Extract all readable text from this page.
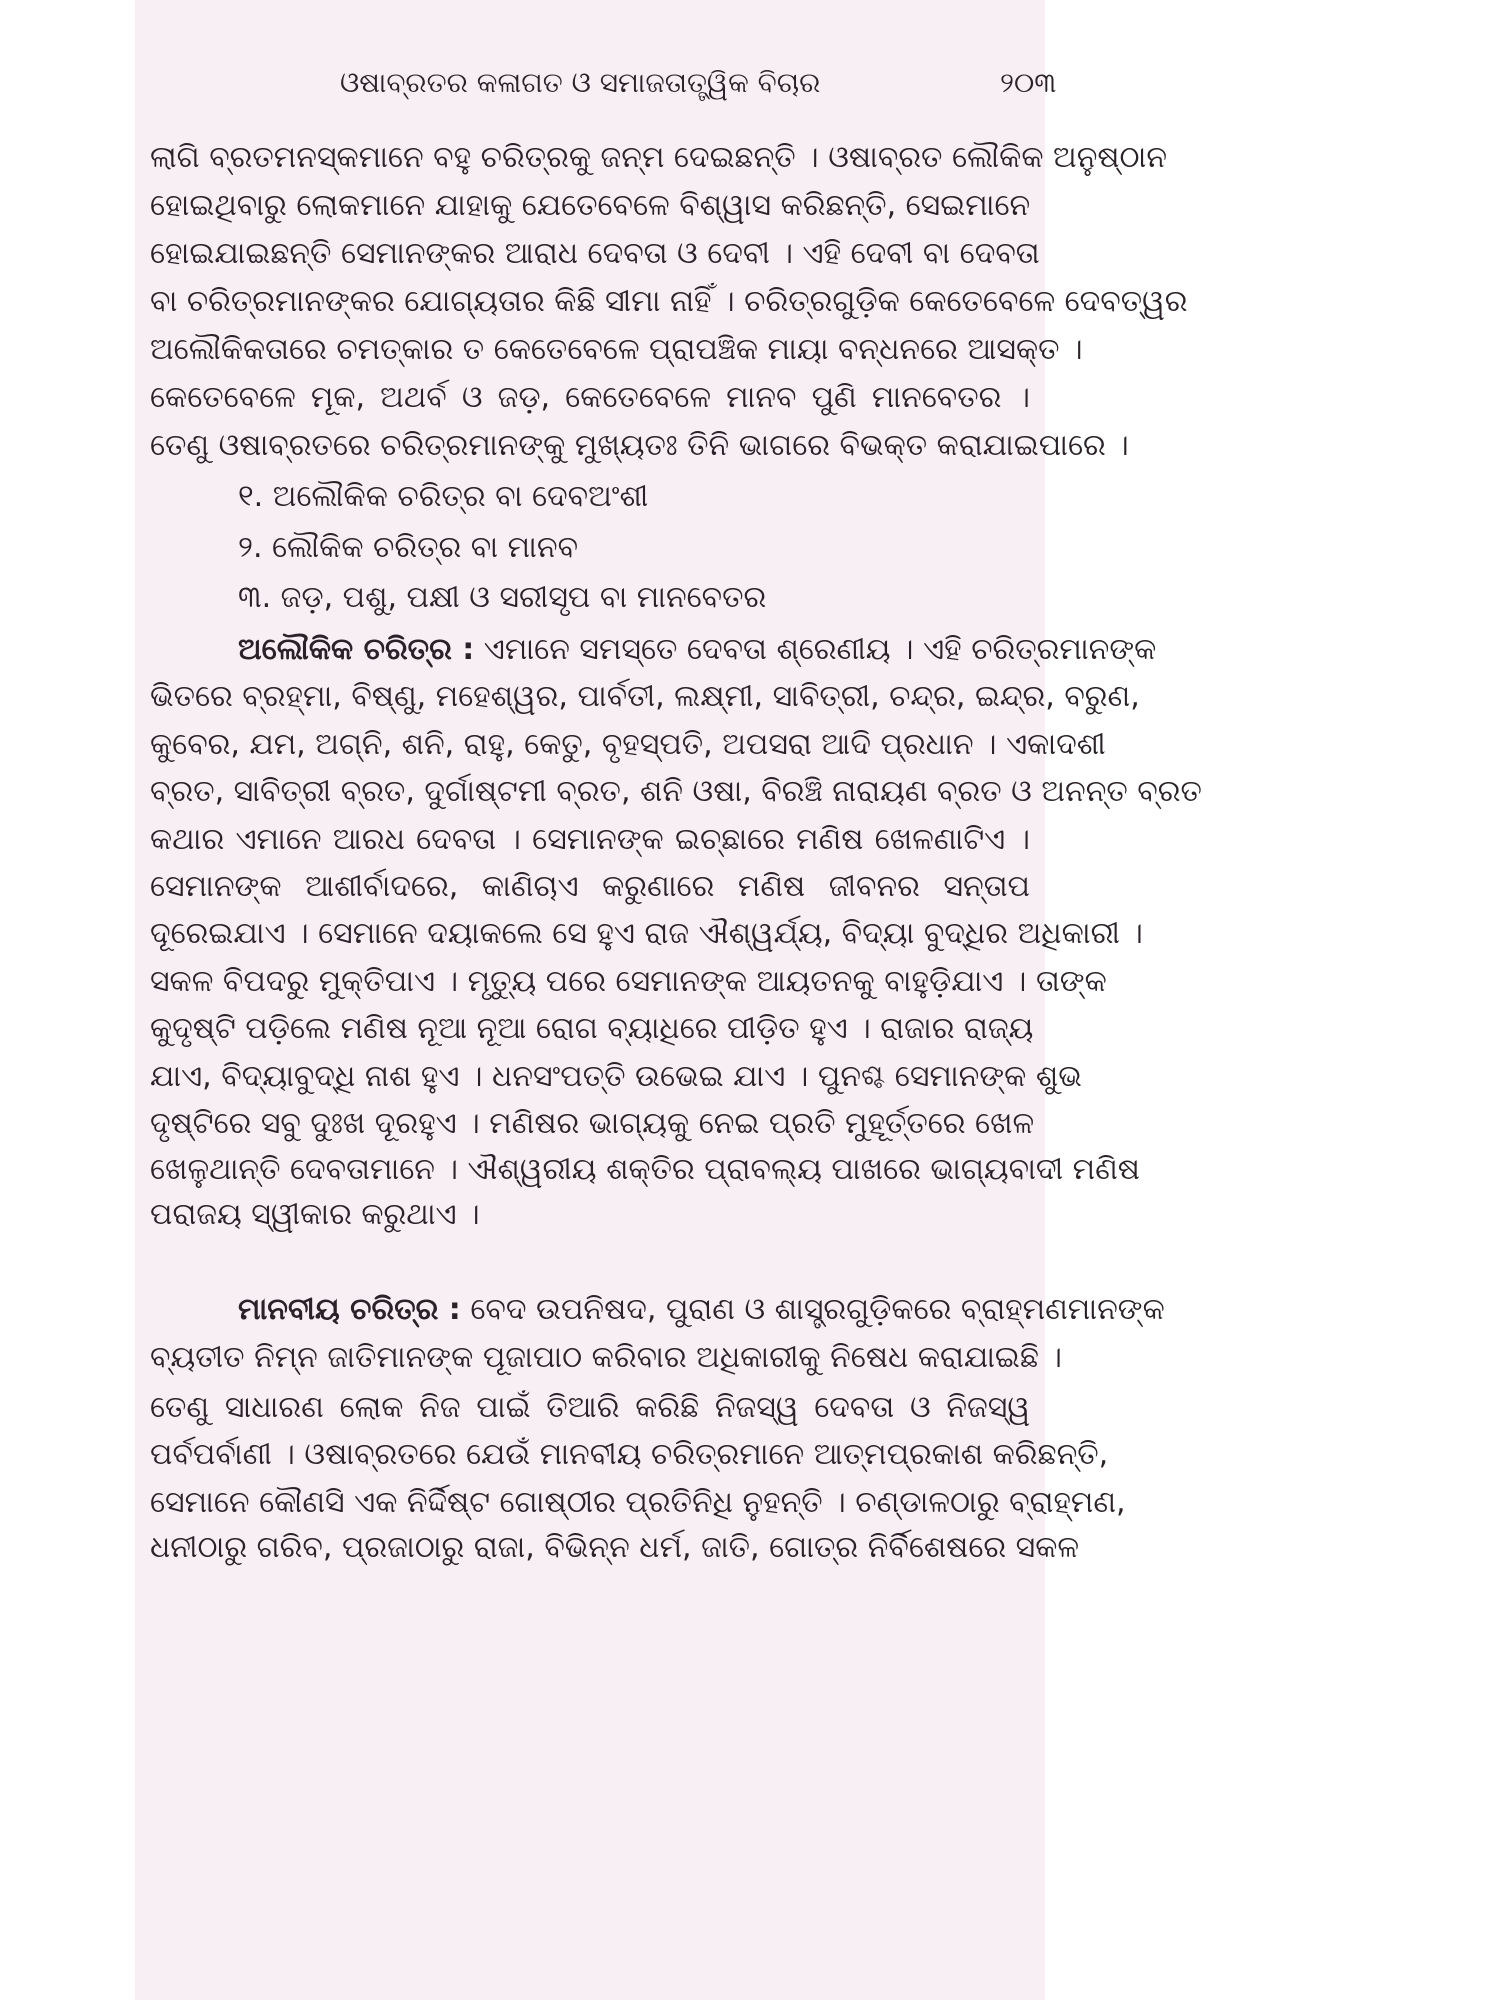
ଓଷାବ୍ରତର କଳାଗତ ଓ ସମାଜତାତ୍ତ୍ୱିକ ବିଚାର	୨୦୩
ଲାଗି ବ୍ରତମନସ୍କମାନେ ବହୁ ଚରିତ୍ରକୁ ଜନ୍ମ ଦେଇଛନ୍ତି । ଓଷାବ୍ରତ ଲୌକିକ ଅନୁଷ୍ଠାନ
ହୋଇଥିବାରୁ ଲୋକମାନେ ଯାହାକୁ ଯେତେବେଳେ ବିଶ୍ୱାସ କରିଛନ୍ତି, ସେଇମାନେ
ହୋଇଯାଇଛନ୍ତି ସେମାନଙ୍କର ଆରାଧ ଦେବତା ଓ ଦେବୀ । ଏହି ଦେବୀ ବା ଦେବତା
ବା ଚରିତ୍ରମାନଙ୍କର ଯୋଗ୍ୟତାର କିଛି ସୀମା ନାହିଁ । ଚରିତ୍ରଗୁଡ଼ିକ କେତେବେଳେ ଦେବତ୍ୱର
ଅଲୌକିକତାରେ ଚମତ୍କାର ତ କେତେବେଳେ ପ୍ରାପଞ୍ଚିକ ମାୟା ବନ୍ଧନରେ ଆସକ୍ତ ।
କେତେବେଳେ ମୂକ, ଅଥର୍ବ ଓ ଜଡ଼, କେତେବେଳେ ମାନବ ପୁଣି ମାନବେତର ।
ତେଣୁ ଓଷାବ୍ରତରେ ଚରିତ୍ରମାନଙ୍କୁ ମୁଖ୍ୟତଃ ତିନି ଭାଗରେ ବିଭକ୍ତ କରାଯାଇପାରେ ।
୧. ଅଲୌକିକ ଚରିତ୍ର ବା ଦେବଅଂଶୀ
୨. ଲୌକିକ ଚରିତ୍ର ବା ମାନବ
୩. ଜଡ଼, ପଶୁ, ପକ୍ଷୀ ଓ ସରୀସୃପ ବା ମାନବେତର
ଅଲୌକିକ ଚରିତ୍ର : ଏମାନେ ସମସ୍ତେ ଦେବତା ଶ୍ରେଣୀୟ । ଏହି ଚରିତ୍ରମାନଙ୍କ
ଭିତରେ ବ୍ରହ୍ମା, ବିଷ୍ଣୁ, ମହେଶ୍ୱର, ପାର୍ବତୀ, ଲକ୍ଷ୍ମୀ, ସାବିତ୍ରୀ, ଚନ୍ଦ୍ର, ଇନ୍ଦ୍ର, ବରୁଣ,
କୁବେର, ଯମ, ଅଗ୍ନି, ଶନି, ରାହୁ, କେତୁ, ବୃହସ୍ପତି, ଅପସରା ଆଦି ପ୍ରଧାନ । ଏକାଦଶୀ
ବ୍ରତ, ସାବିତ୍ରୀ ବ୍ରତ, ଦୁର୍ଗାଷ୍ଟମୀ ବ୍ରତ, ଶନି ଓଷା, ବିରଞ୍ଚି ନାରାୟଣ ବ୍ରତ ଓ ଅନନ୍ତ ବ୍ରତ
କଥାର ଏମାନେ ଆରଧ ଦେବତା । ସେମାନଙ୍କ ଇଚ୍ଛାରେ ମଣିଷ ଖେଳଣାଟିଏ ।
ସେମାନଙ୍କ ଆଶୀର୍ବାଦରେ, କାଣିଚାଏ କରୁଣାରେ ମଣିଷ ଜୀବନର ସନ୍ତାପ
ଦୂରେଇଯାଏ । ସେମାନେ ଦୟାକଲେ ସେ ହୁଏ ରାଜ ଐଶ୍ୱର୍ଯ୍ୟ, ବିଦ୍ୟା ବୁଦ୍ଧିର ଅଧିକାରୀ ।
ସକଳ ବିପଦରୁ ମୁକ୍ତିପାଏ । ମୃତ୍ୟୁ ପରେ ସେମାନଙ୍କ ଆୟତନକୁ ବାହୁଡ଼ିଯାଏ । ତାଙ୍କ
କୁଦୃଷ୍ଟି ପଡ଼ିଲେ ମଣିଷ ନୂଆ ନୂଆ ରୋଗ ବ୍ୟାଧିରେ ପୀଡ଼ିତ ହୁଏ । ରାଜାର ରାଜ୍ୟ
ଯାଏ, ବିଦ୍ୟାବୁଦ୍ଧି ନାଶ ହୁଏ । ଧନସଂପତ୍ତି ଉଭେଇ ଯାଏ । ପୁନଶ୍ଚ ସେମାନଙ୍କ ଶୁଭ
ଦୃଷ୍ଟିରେ ସବୁ ଦୁଃଖ ଦୂରହୁଏ । ମଣିଷର ଭାଗ୍ୟକୁ ନେଇ ପ୍ରତି ମୁହୂର୍ତ୍ତରେ ଖେଳ
ଖେଳୁଥାନ୍ତି ଦେବତାମାନେ । ଐଶ୍ୱରୀୟ ଶକ୍ତିର ପ୍ରାବଲ୍ୟ ପାଖରେ ଭାଗ୍ୟବାଦୀ ମଣିଷ
ପରାଜୟ ସ୍ୱୀକାର କରୁଥାଏ ।
ମାନବୀୟ ଚରିତ୍ର : ବେଦ ଉପନିଷଦ, ପୁରାଣ ଓ ଶାସ୍ତ୍ରଗୁଡ଼ିକରେ ବ୍ରାହ୍ମଣମାନଙ୍କ
ବ୍ୟତୀତ ନିମ୍ନ ଜାତିମାନଙ୍କ ପୂଜାପାଠ କରିବାର ଅଧିକାରୀକୁ ନିଷେଧ କରାଯାଇଛି ।
ତେଣୁ ସାଧାରଣ ଲୋକ ନିଜ ପାଇଁ ତିଆରି କରିଛି ନିଜସ୍ୱ ଦେବତା ଓ ନିଜସ୍ୱ
ପର୍ବପର୍ବାଣୀ । ଓଷାବ୍ରତରେ ଯେଉଁ ମାନବୀୟ ଚରିତ୍ରମାନେ ଆତ୍ମପ୍ରକାଶ କରିଛନ୍ତି,
ସେମାନେ କୌଣସି ଏକ ନିର୍ଦ୍ଦିଷ୍ଟ ଗୋଷ୍ଠୀର ପ୍ରତିନିଧି ନୁହନ୍ତି । ଚଣ୍ଡାଳଠାରୁ ବ୍ରାହ୍ମଣ,
ଧନୀଠାରୁ ଗରିବ, ପ୍ରଜାଠାରୁ ରାଜା, ବିଭିନ୍ନ ଧର୍ମ, ଜାତି, ଗୋତ୍ର ନିର୍ବିଶେଷରେ ସକଳ
